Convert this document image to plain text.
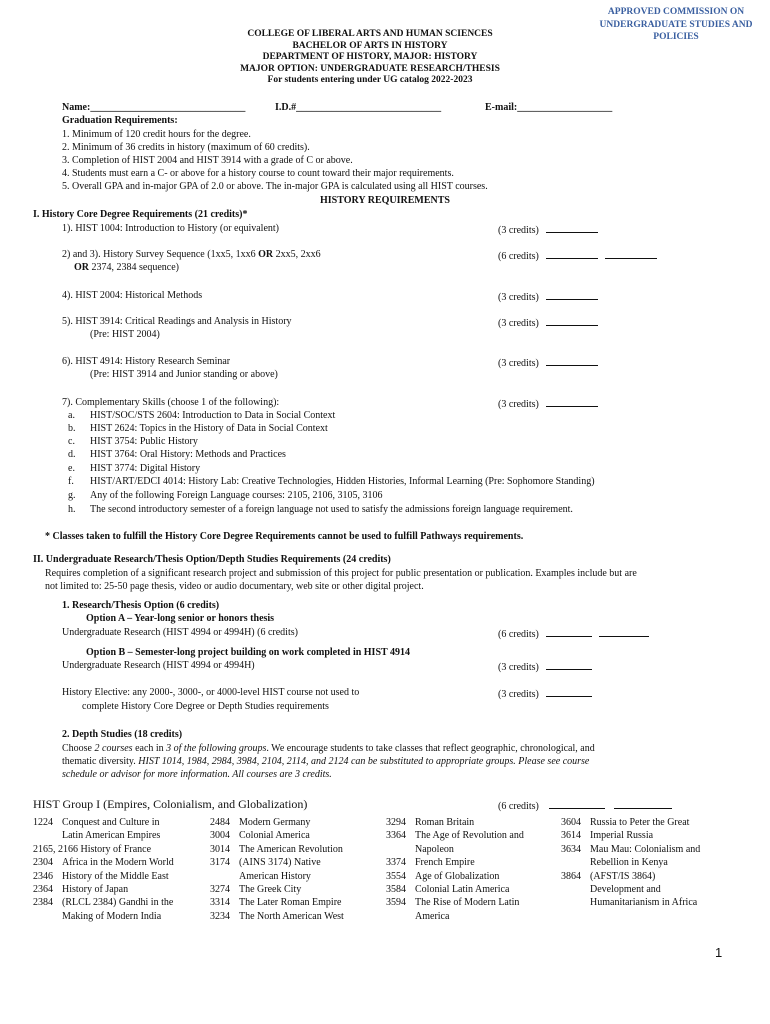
APPROVED COMMISSION ON
UNDERGRADUATE STUDIES AND
POLICIES
COLLEGE OF LIBERAL ARTS AND HUMAN SCIENCES
BACHELOR OF ARTS IN HISTORY
DEPARTMENT OF HISTORY, MAJOR: HISTORY
MAJOR OPTION: UNDERGRADUATE RESEARCH/THESIS
For students entering under UG catalog 2022-2023
Name:_______________________________	I.D.#_____________________________	E-mail:___________________
Graduation Requirements:
1. Minimum of 120 credit hours for the degree.
2. Minimum of 36 credits in history (maximum of 60 credits).
3. Completion of HIST 2004 and HIST 3914 with a grade of C or above.
4. Students must earn a C- or above for a history course to count toward their major requirements.
5. Overall GPA and in-major GPA of 2.0 or above. The in-major GPA is calculated using all HIST courses.
HISTORY REQUIREMENTS
I. History Core Degree Requirements (21 credits)*
1). HIST 1004: Introduction to History (or equivalent)	(3 credits)
2) and 3). History Survey Sequence (1xx5, 1xx6 OR 2xx5, 2xx6
OR 2374, 2384 sequence)
(6 credits)
4). HIST 2004: Historical Methods	(3 credits)
5). HIST 3914: Critical Readings and Analysis in History
(Pre: HIST 2004)
(3 credits)
6). HIST 4914: History Research Seminar
(Pre: HIST 3914 and Junior standing or above)
(3 credits)
7). Complementary Skills (choose 1 of the following):	(3 credits)
a. HIST/SOC/STS 2604: Introduction to Data in Social Context
b. HIST 2624: Topics in the History of Data in Social Context
c. HIST 3754: Public History
d. HIST 3764: Oral History: Methods and Practices
e. HIST 3774: Digital History
f. HIST/ART/EDCI 4014: History Lab: Creative Technologies, Hidden Histories, Informal Learning (Pre: Sophomore Standing)
g. Any of the following Foreign Language courses: 2105, 2106, 3105, 3106
h. The second introductory semester of a foreign language not used to satisfy the admissions foreign language requirement.
* Classes taken to fulfill the History Core Degree Requirements cannot be used to fulfill Pathways requirements.
II. Undergraduate Research/Thesis Option/Depth Studies Requirements (24 credits)
Requires completion of a significant research project and submission of this project for public presentation or publication. Examples include but are
not limited to: 25-50 page thesis, video or audio documentary, web site or other digital project.
1. Research/Thesis Option (6 credits)
Option A – Year-long senior or honors thesis
Undergraduate Research (HIST 4994 or 4994H) (6 credits)	(6 credits)
Option B – Semester-long project building on work completed in HIST 4914
Undergraduate Research (HIST 4994 or 4994H)	(3 credits)
History Elective: any 2000-, 3000-, or 4000-level HIST course not used to
complete History Core Degree or Depth Studies requirements
(3 credits)
2. Depth Studies (18 credits)
Choose 2 courses each in 3 of the following groups. We encourage students to take classes that reflect geographic, chronological, and
thematic diversity. HIST 1014, 1984, 2984, 3984, 2104, 2114, and 2124 can be substituted to appropriate groups. Please see course
schedule or advisor for more information. All courses are 3 credits.
HIST Group I (Empires, Colonialism, and Globalization)	(6 credits)
1224 Conquest and Culture in
Latin American Empires
2165, 2166 History of France
2304 Africa in the Modern World
2346 History of the Middle East
2364 History of Japan
2384 (RLCL 2384) Gandhi in the
Making of Modern India
2484 Modern Germany
3004 Colonial America
3014 The American Revolution
3174 (AINS 3174) Native
American History
3274 The Greek City
3314 The Later Roman Empire
3234 The North American West
3294 Roman Britain
3364 The Age of Revolution and
Napoleon
3374 French Empire
3554 Age of Globalization
3584 Colonial Latin America
3594 The Rise of Modern Latin
America
3604 Russia to Peter the Great
3614 Imperial Russia
3634 Mau Mau: Colonialism and
Rebellion in Kenya
3864 (AFST/IS 3864)
Development and
Humanitarianism in Africa
1
